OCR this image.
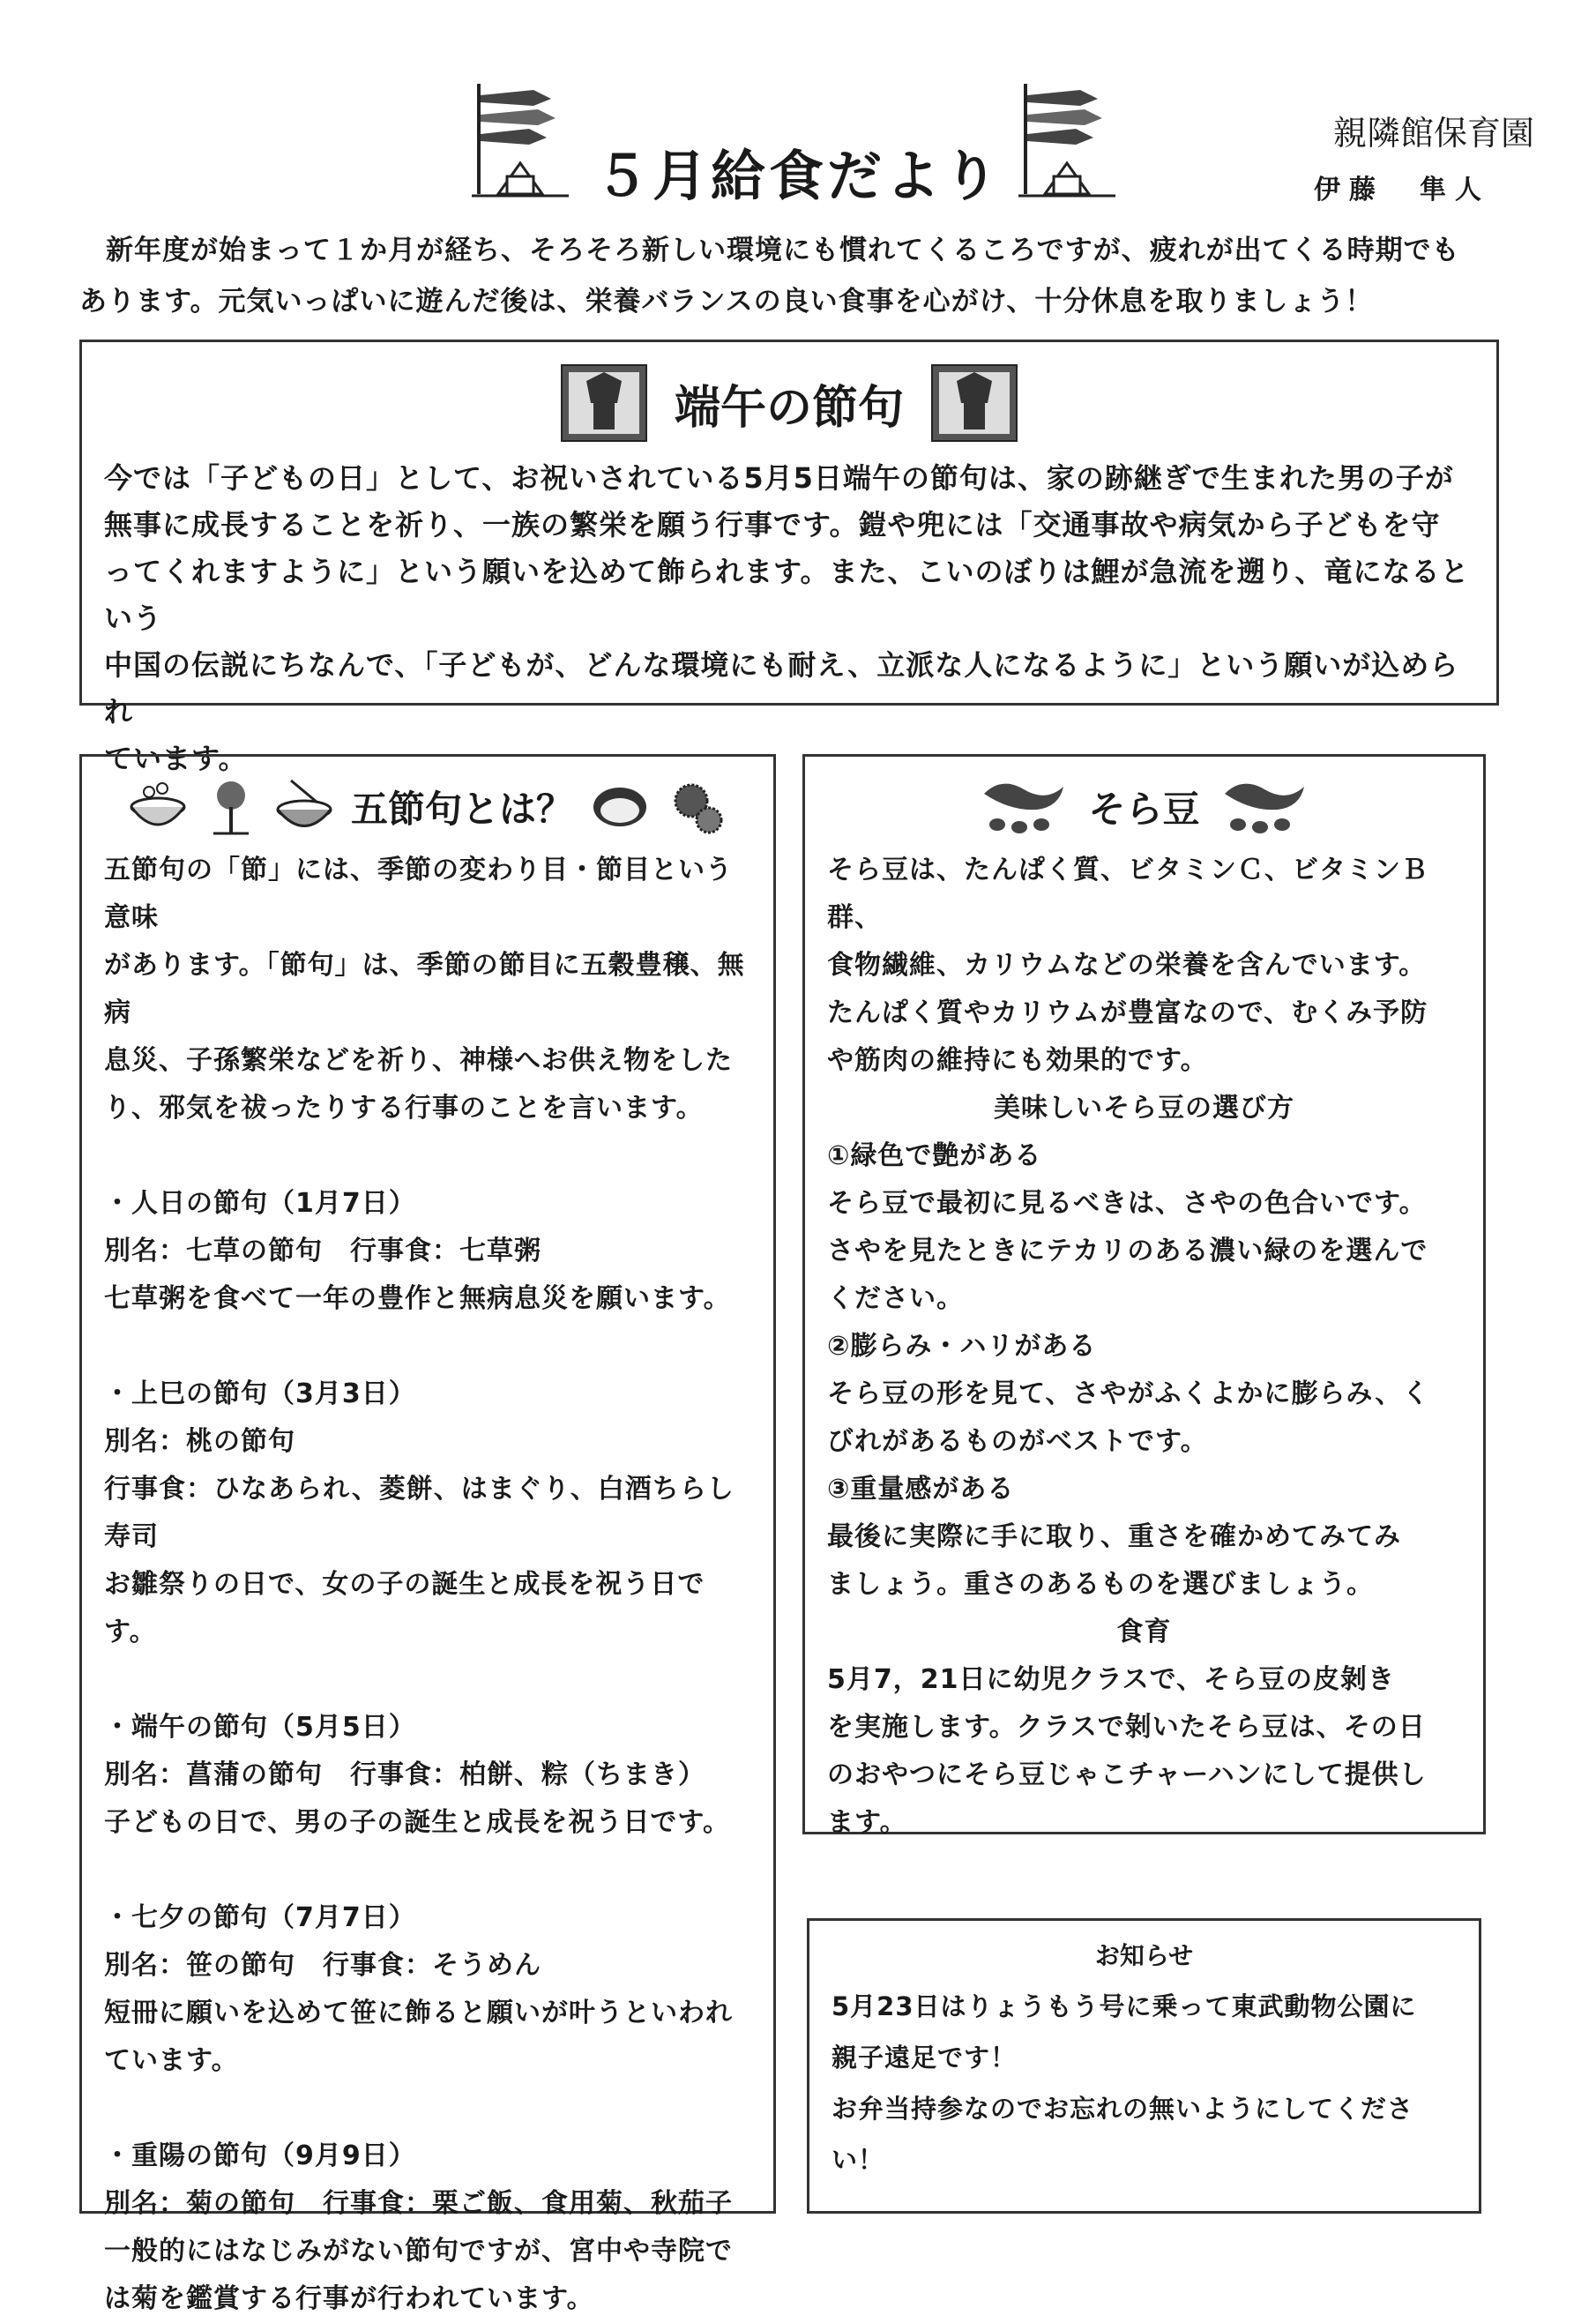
５月給食だより
親隣館保育園
伊藤　隼人
新年度が始まって１か月が経ち、そろそろ新しい環境にも慣れてくるころですが、疲れが出てくる時期でも
あります。元気いっぱいに遊んだ後は、栄養バランスの良い食事を心がけ、十分休息を取りましょう！
端午の節句
今では「子どもの日」として、お祝いされている5月5日端午の節句は、家の跡継ぎで生まれた男の子が
無事に成長することを祈り、一族の繁栄を願う行事です。鎧や兜には「交通事故や病気から子どもを守
ってくれますように」という願いを込めて飾られます。また、こいのぼりは鯉が急流を遡り、竜になるという
中国の伝説にちなんで、「子どもが、どんな環境にも耐え、立派な人になるように」という願いが込められ
ています。
五節句とは？
五節句の「節」には、季節の変わり目・節目という意味
があります。「節句」は、季節の節目に五穀豊穣、無病
息災、子孫繁栄などを祈り、神様へお供え物をした
り、邪気を祓ったりする行事のことを言います。
・人日の節句（1月7日）
別名：七草の節句　行事食：七草粥
七草粥を食べて一年の豊作と無病息災を願います。
・上巳の節句（3月3日）
別名：桃の節句
行事食：ひなあられ、菱餅、はまぐり、白酒ちらし寿司
お雛祭りの日で、女の子の誕生と成長を祝う日です。
・端午の節句（5月5日）
別名：菖蒲の節句　行事食：柏餅、粽（ちまき）
子どもの日で、男の子の誕生と成長を祝う日です。
・七夕の節句（7月7日）
別名：笹の節句　行事食：そうめん
短冊に願いを込めて笹に飾ると願いが叶うといわれ
ています。
・重陽の節句（9月9日）
別名：菊の節句　行事食：栗ご飯、食用菊、秋茄子
一般的にはなじみがない節句ですが、宮中や寺院で
は菊を鑑賞する行事が行われています。
そら豆
そら豆は、たんぱく質、ビタミンＣ、ビタミンＢ群、
食物繊維、カリウムなどの栄養を含んでいます。
たんぱく質やカリウムが豊富なので、むくみ予防
や筋肉の維持にも効果的です。
美味しいそら豆の選び方
①緑色で艶がある
そら豆で最初に見るべきは、さやの色合いです。
さやを見たときにテカリのある濃い緑のを選んで
ください。
②膨らみ・ハリがある
そら豆の形を見て、さやがふくよかに膨らみ、く
びれがあるものがベストです。
③重量感がある
最後に実際に手に取り、重さを確かめてみてみ
ましょう。重さのあるものを選びましょう。
食育
5月7，21日に幼児クラスで、そら豆の皮剝き
を実施します。クラスで剝いたそら豆は、その日
のおやつにそら豆じゃこチャーハンにして提供し
ます。
お知らせ
5月23日はりょうもう号に乗って東武動物公園に
親子遠足です！
お弁当持参なのでお忘れの無いようにしてください！
